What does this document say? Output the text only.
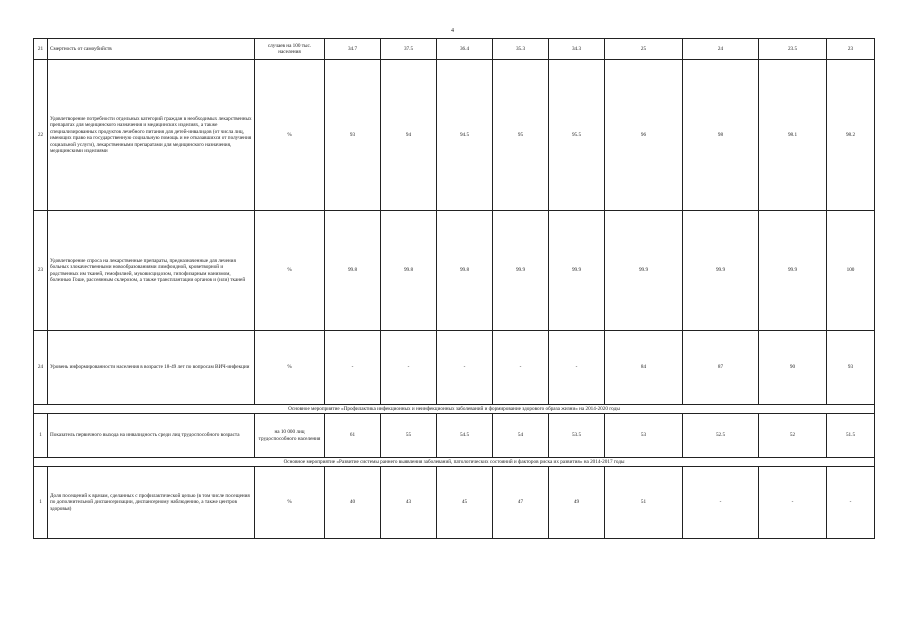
4
21	Смертность от самоубийств	случаев на 100 тыс. населения	34.7	37.5	36.4	35.3	34.3	25	24	23.5	23
22	Удовлетворение потребности отдельных категорий граждан в необходимых лекарственных препаратах для медицинского назначения и медицинских изделиях, а также специализированных продуктов лечебного питания для детей-инвалидов (от числа лиц, имеющих право на государственную социальную помощь и не отказавшихся от получения социальной услуги), лекарственными препаратами для медицинского назначения, медицинскими изделиями	%	93	94	94.5	95	95.5	96	98	98.1	98.2
23	Удовлетворение спроса на лекарственные препараты, предназначенные для лечения больных злокачественными новообразованиями лимфоидной, кроветворной и родственных им тканей, гемофилией, муковисцидозом, гипофизарным нанизмом, болезнью Гоше, рассеянным склерозом, а также трансплантации органов и (или) тканей	%	99.8	99.8	99.8	99.9	99.9	99.9	99.9	99.9	100
24	Уровень информированности населения в возрасте 18-49 лет по вопросам ВИЧ-инфекции	%	-	-	-	-	-	84	87	90	93
Основное мероприятие «Профилактика инфекционных и неинфекционных заболеваний и формирование здорового образа жизни» на 2014-2020 годы											
1	Показатель первичного выхода на инвалидность среди лиц трудоспособного возраста	на 10 000 лиц трудоспособного населения	61	55	54.5	54	53.5	53	52.5	52	51.5
Основное мероприятие «Развитие системы раннего выявления заболеваний, патологических состояний и факторов риска их развития» на 2014-2017 годы											
1	Доля посещений к врачам, сделанных с профилактической целью (в том числе посещения по дополнительной диспансеризации, диспансерному наблюдению, а также центров здоровья)	%	40	43	45	47	49	51	-	-	-
